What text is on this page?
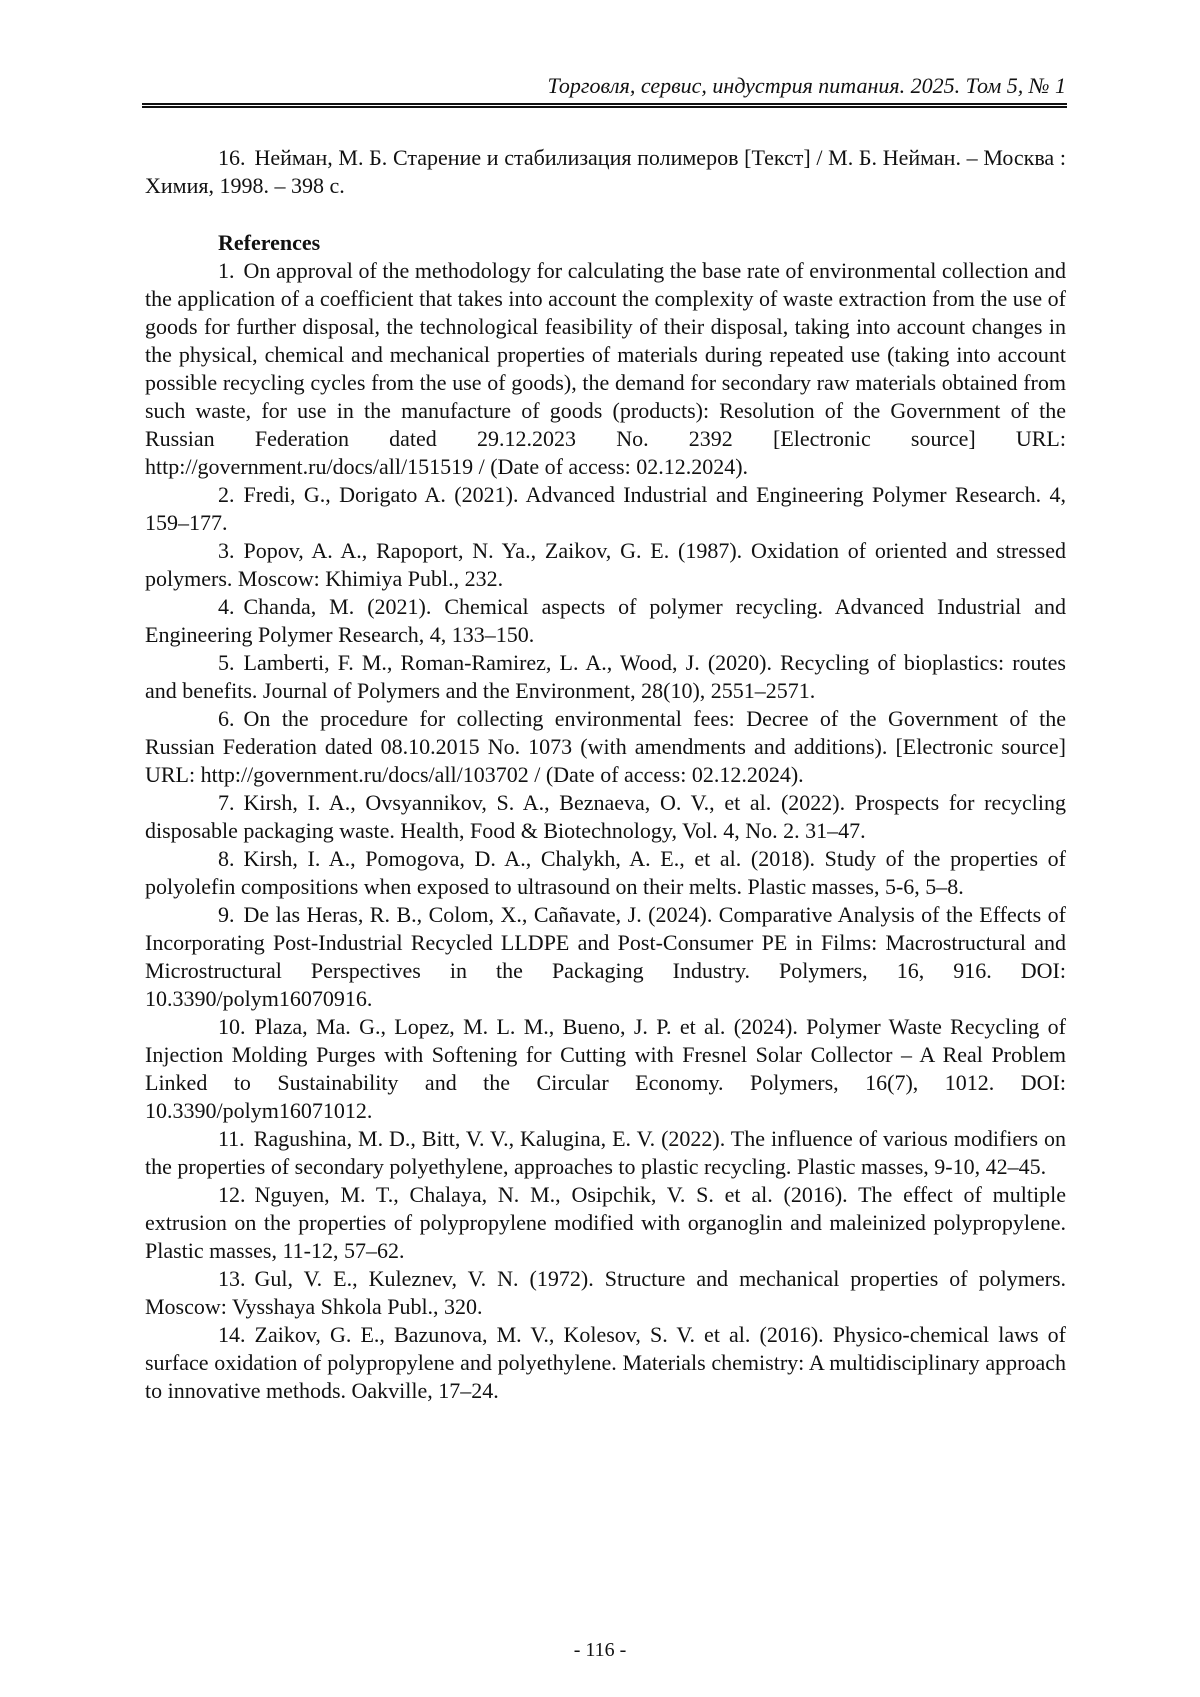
Торговля, сервис, индустрия питания. 2025. Том 5, № 1

16. Нейман, М. Б. Старение и стабилизация полимеров [Текст] / М. Б. Нейман. – Москва : Химия, 1998. – 398 с.

References

1. On approval of the methodology for calculating the base rate of environmental collection and the application of a coefficient that takes into account the complexity of waste extraction from the use of goods for further disposal, the technological feasibility of their disposal, taking into account changes in the physical, chemical and mechanical properties of materials during repeated use (taking into account possible recycling cycles from the use of goods), the demand for secondary raw materials obtained from such waste, for use in the manufacture of goods (products): Resolution of the Government of the Russian Federation dated 29.12.2023 No. 2392 [Electronic source] URL: http://government.ru/docs/all/151519 / (Date of access: 02.12.2024).

2. Fredi, G., Dorigato A. (2021). Advanced Industrial and Engineering Polymer Research. 4, 159–177.

3. Popov, A. A., Rapoport, N. Ya., Zaikov, G. E. (1987). Oxidation of oriented and stressed polymers. Moscow: Khimiya Publ., 232.

4. Chanda, M. (2021). Chemical aspects of polymer recycling. Advanced Industrial and Engineering Polymer Research, 4, 133–150.

5. Lamberti, F. M., Roman-Ramirez, L. A., Wood, J. (2020). Recycling of bioplastics: routes and benefits. Journal of Polymers and the Environment, 28(10), 2551–2571.

6. On the procedure for collecting environmental fees: Decree of the Government of the Russian Federation dated 08.10.2015 No. 1073 (with amendments and additions). [Electronic source] URL: http://government.ru/docs/all/103702 / (Date of access: 02.12.2024).

7. Kirsh, I. A., Ovsyannikov, S. A., Beznaeva, O. V., et al. (2022). Prospects for recycling disposable packaging waste. Health, Food & Biotechnology, Vol. 4, No. 2. 31–47.

8. Kirsh, I. A., Pomogova, D. A., Chalykh, A. E., et al. (2018). Study of the properties of polyolefin compositions when exposed to ultrasound on their melts. Plastic masses, 5-6, 5–8.

9. De las Heras, R. B., Colom, X., Cañavate, J. (2024). Comparative Analysis of the Effects of Incorporating Post-Industrial Recycled LLDPE and Post-Consumer PE in Films: Macrostructural and Microstructural Perspectives in the Packaging Industry. Polymers, 16, 916. DOI: 10.3390/polym16070916.

10. Plaza, Ma. G., Lopez, M. L. M., Bueno, J. P. et al. (2024). Polymer Waste Recycling of Injection Molding Purges with Softening for Cutting with Fresnel Solar Collector – A Real Problem Linked to Sustainability and the Circular Economy. Polymers, 16(7), 1012. DOI: 10.3390/polym16071012.

11. Ragushina, M. D., Bitt, V. V., Kalugina, E. V. (2022). The influence of various modifiers on the properties of secondary polyethylene, approaches to plastic recycling. Plastic masses, 9-10, 42–45.

12. Nguyen, M. T., Chalaya, N. M., Osipchik, V. S. et al. (2016). The effect of multiple extrusion on the properties of polypropylene modified with organoglin and maleinized polypropylene. Plastic masses, 11-12, 57–62.

13. Gul, V. E., Kuleznev, V. N. (1972). Structure and mechanical properties of polymers. Moscow: Vysshaya Shkola Publ., 320.

14. Zaikov, G. E., Bazunova, M. V., Kolesov, S. V. et al. (2016). Physico-chemical laws of surface oxidation of polypropylene and polyethylene. Materials chemistry: A multidisciplinary approach to innovative methods. Oakville, 17–24.

- 116 -
